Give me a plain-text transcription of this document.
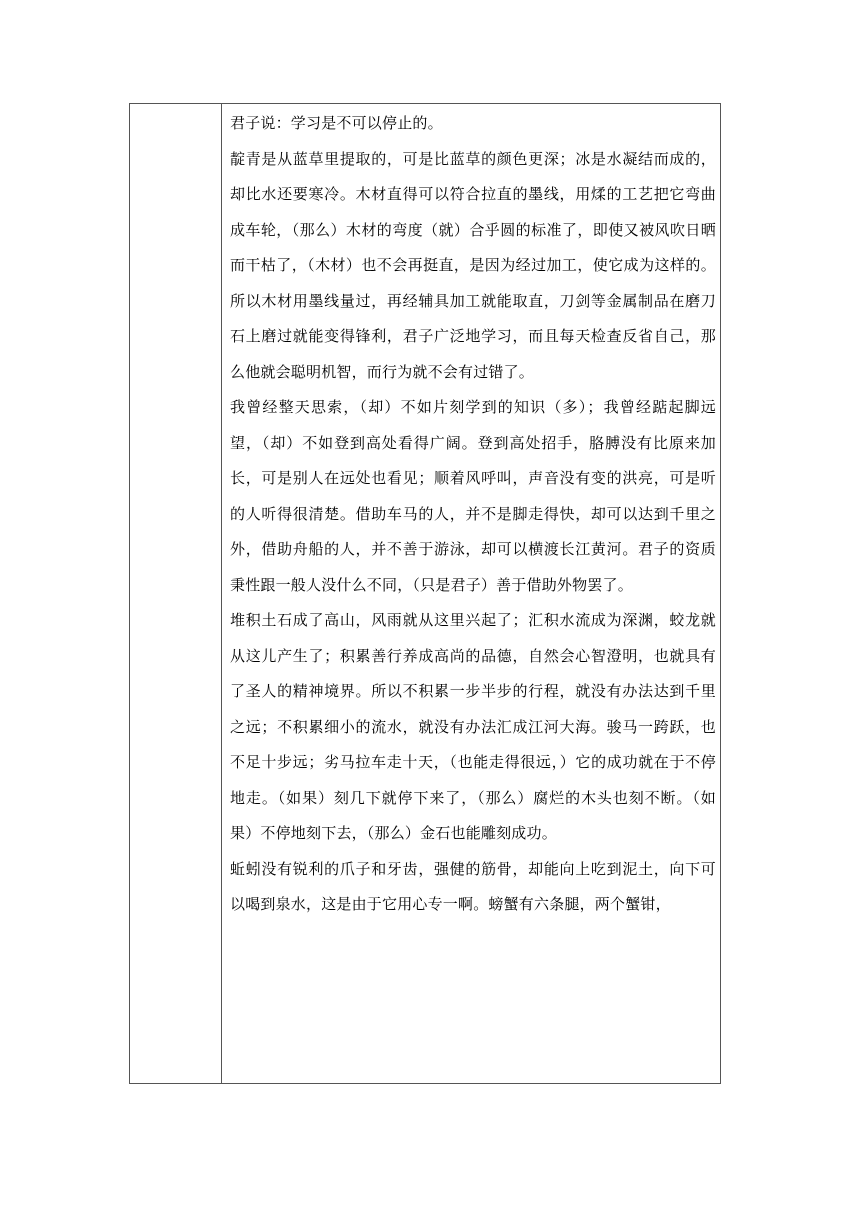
君子说：学习是不可以停止的。

靛青是从蓝草里提取的，可是比蓝草的颜色更深；冰是水凝结而成的，却比水还要寒冷。木材直得可以符合拉直的墨线，用煣的工艺把它弯曲成车轮，（那么）木材的弯度（就）合乎圆的标准了，即使又被风吹日晒而干枯了，（木材）也不会再挺直，是因为经过加工，使它成为这样的。所以木材用墨线量过，再经辅具加工就能取直，刀剑等金属制品在磨刀石上磨过就能变得锋利，君子广泛地学习，而且每天检查反省自己，那么他就会聪明机智，而行为就不会有过错了。

我曾经整天思索，（却）不如片刻学到的知识（多）；我曾经踮起脚远望，（却）不如登到高处看得广阔。登到高处招手，胳膊没有比原来加长，可是别人在远处也看见；顺着风呼叫，声音没有变的洪亮，可是听的人听得很清楚。借助车马的人，并不是脚走得快，却可以达到千里之外，借助舟船的人，并不善于游泳，却可以横渡长江黄河。君子的资质秉性跟一般人没什么不同，（只是君子）善于借助外物罢了。

堆积土石成了高山，风雨就从这里兴起了；汇积水流成为深渊，蛟龙就从这儿产生了；积累善行养成高尚的品德，自然会心智澄明，也就具有了圣人的精神境界。所以不积累一步半步的行程，就没有办法达到千里之远；不积累细小的流水，就没有办法汇成江河大海。骏马一跨跃，也不足十步远；劣马拉车走十天，（也能走得很远，）它的成功就在于不停地走。（如果）刻几下就停下来了，（那么）腐烂的木头也刻不断。（如果）不停地刻下去，（那么）金石也能雕刻成功。

蚯蚓没有锐利的爪子和牙齿，强健的筋骨，却能向上吃到泥土，向下可以喝到泉水，这是由于它用心专一啊。螃蟹有六条腿，两个蟹钳，
